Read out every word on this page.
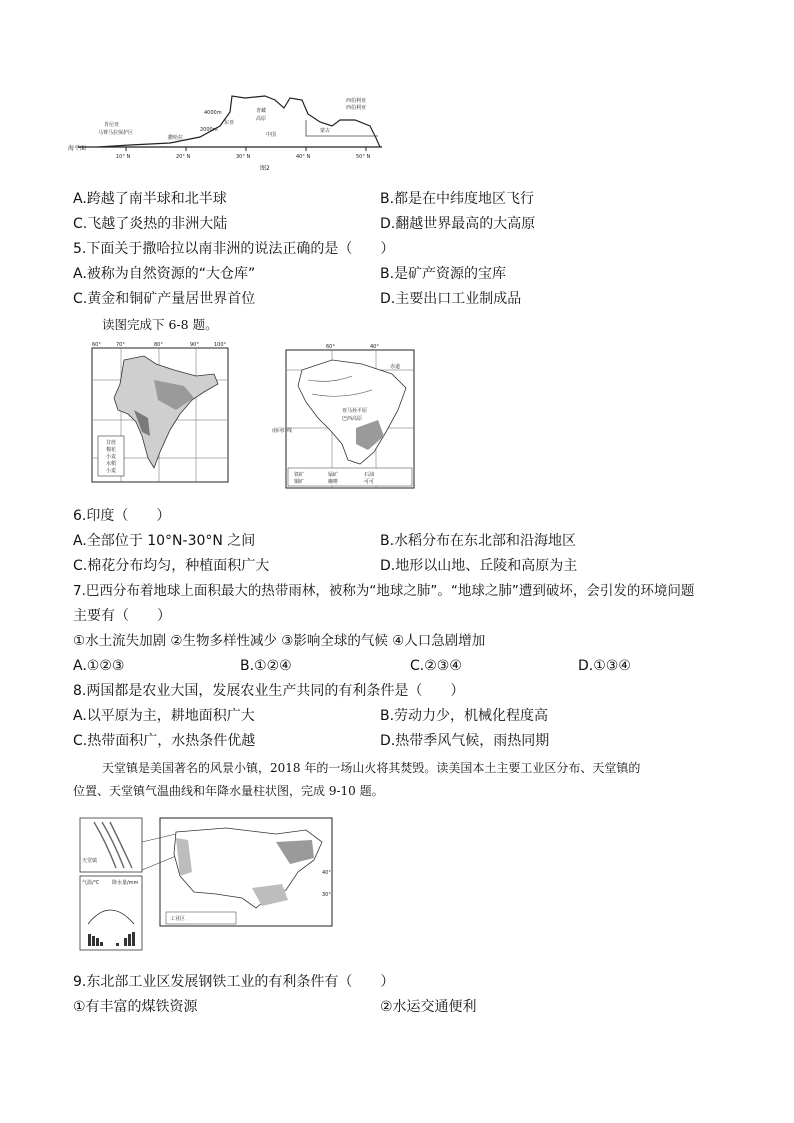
海平面
肯尼亚
马赛马拉保护区
撒哈拉
2000m
4000m
东亚
青藏
高原
中国
蒙古
西伯利亚
西伯利亚
10° N	20° N	30° N	40° N	50° N
图2
A.跨越了南半球和北半球	B.都是在中纬度地区飞行
C.飞越了炎热的非洲大陆	D.翻越世界最高的大高原
5.下面关于撒哈拉以南非洲的说法正确的是（　　）
A.被称为自然资源的“大仓库”	B.是矿产资源的宝库
C.黄金和铜矿产量居世界首位	D.主要出口工业制成品
读图完成下 6-8 题。
甘蔗
棉花
小麦
水稻
小麦
60°	70°	80°	90°	100°
亚马孙平原
巴西高原
赤道
南回归线
60°	40°
铁矿	锰矿	石油
铜矿	咖啡	可可
6.印度（　　）
A.全部位于 10°N-30°N 之间	B.水稻分布在东北部和沿海地区
C.棉花分布均匀，种植面积广大	D.地形以山地、丘陵和高原为主
7.巴西分布着地球上面积最大的热带雨林，被称为“地球之肺”。“地球之肺”遭到破坏，会引发的环境问题
主要有（　　）
①水土流失加剧 ②生物多样性减少 ③影响全球的气候 ④人口急剧增加
A.①②③	B.①②④	C.②③④	D.①③④
8.两国都是农业大国，发展农业生产共同的有利条件是（　　）
A.以平原为主，耕地面积广大	B.劳动力少，机械化程度高
C.热带面积广，水热条件优越	D.热带季风气候，雨热同期
天堂镇是美国著名的风景小镇，2018 年的一场山火将其焚毁。读美国本土主要工业区分布、天堂镇的
位置、天堂镇气温曲线和年降水量柱状图，完成 9-10 题。
天堂镇
气温/℃	降水量/mm
工业区
40°
30°
9.东北部工业区发展钢铁工业的有利条件有（　　）
①有丰富的煤铁资源	②水运交通便利
